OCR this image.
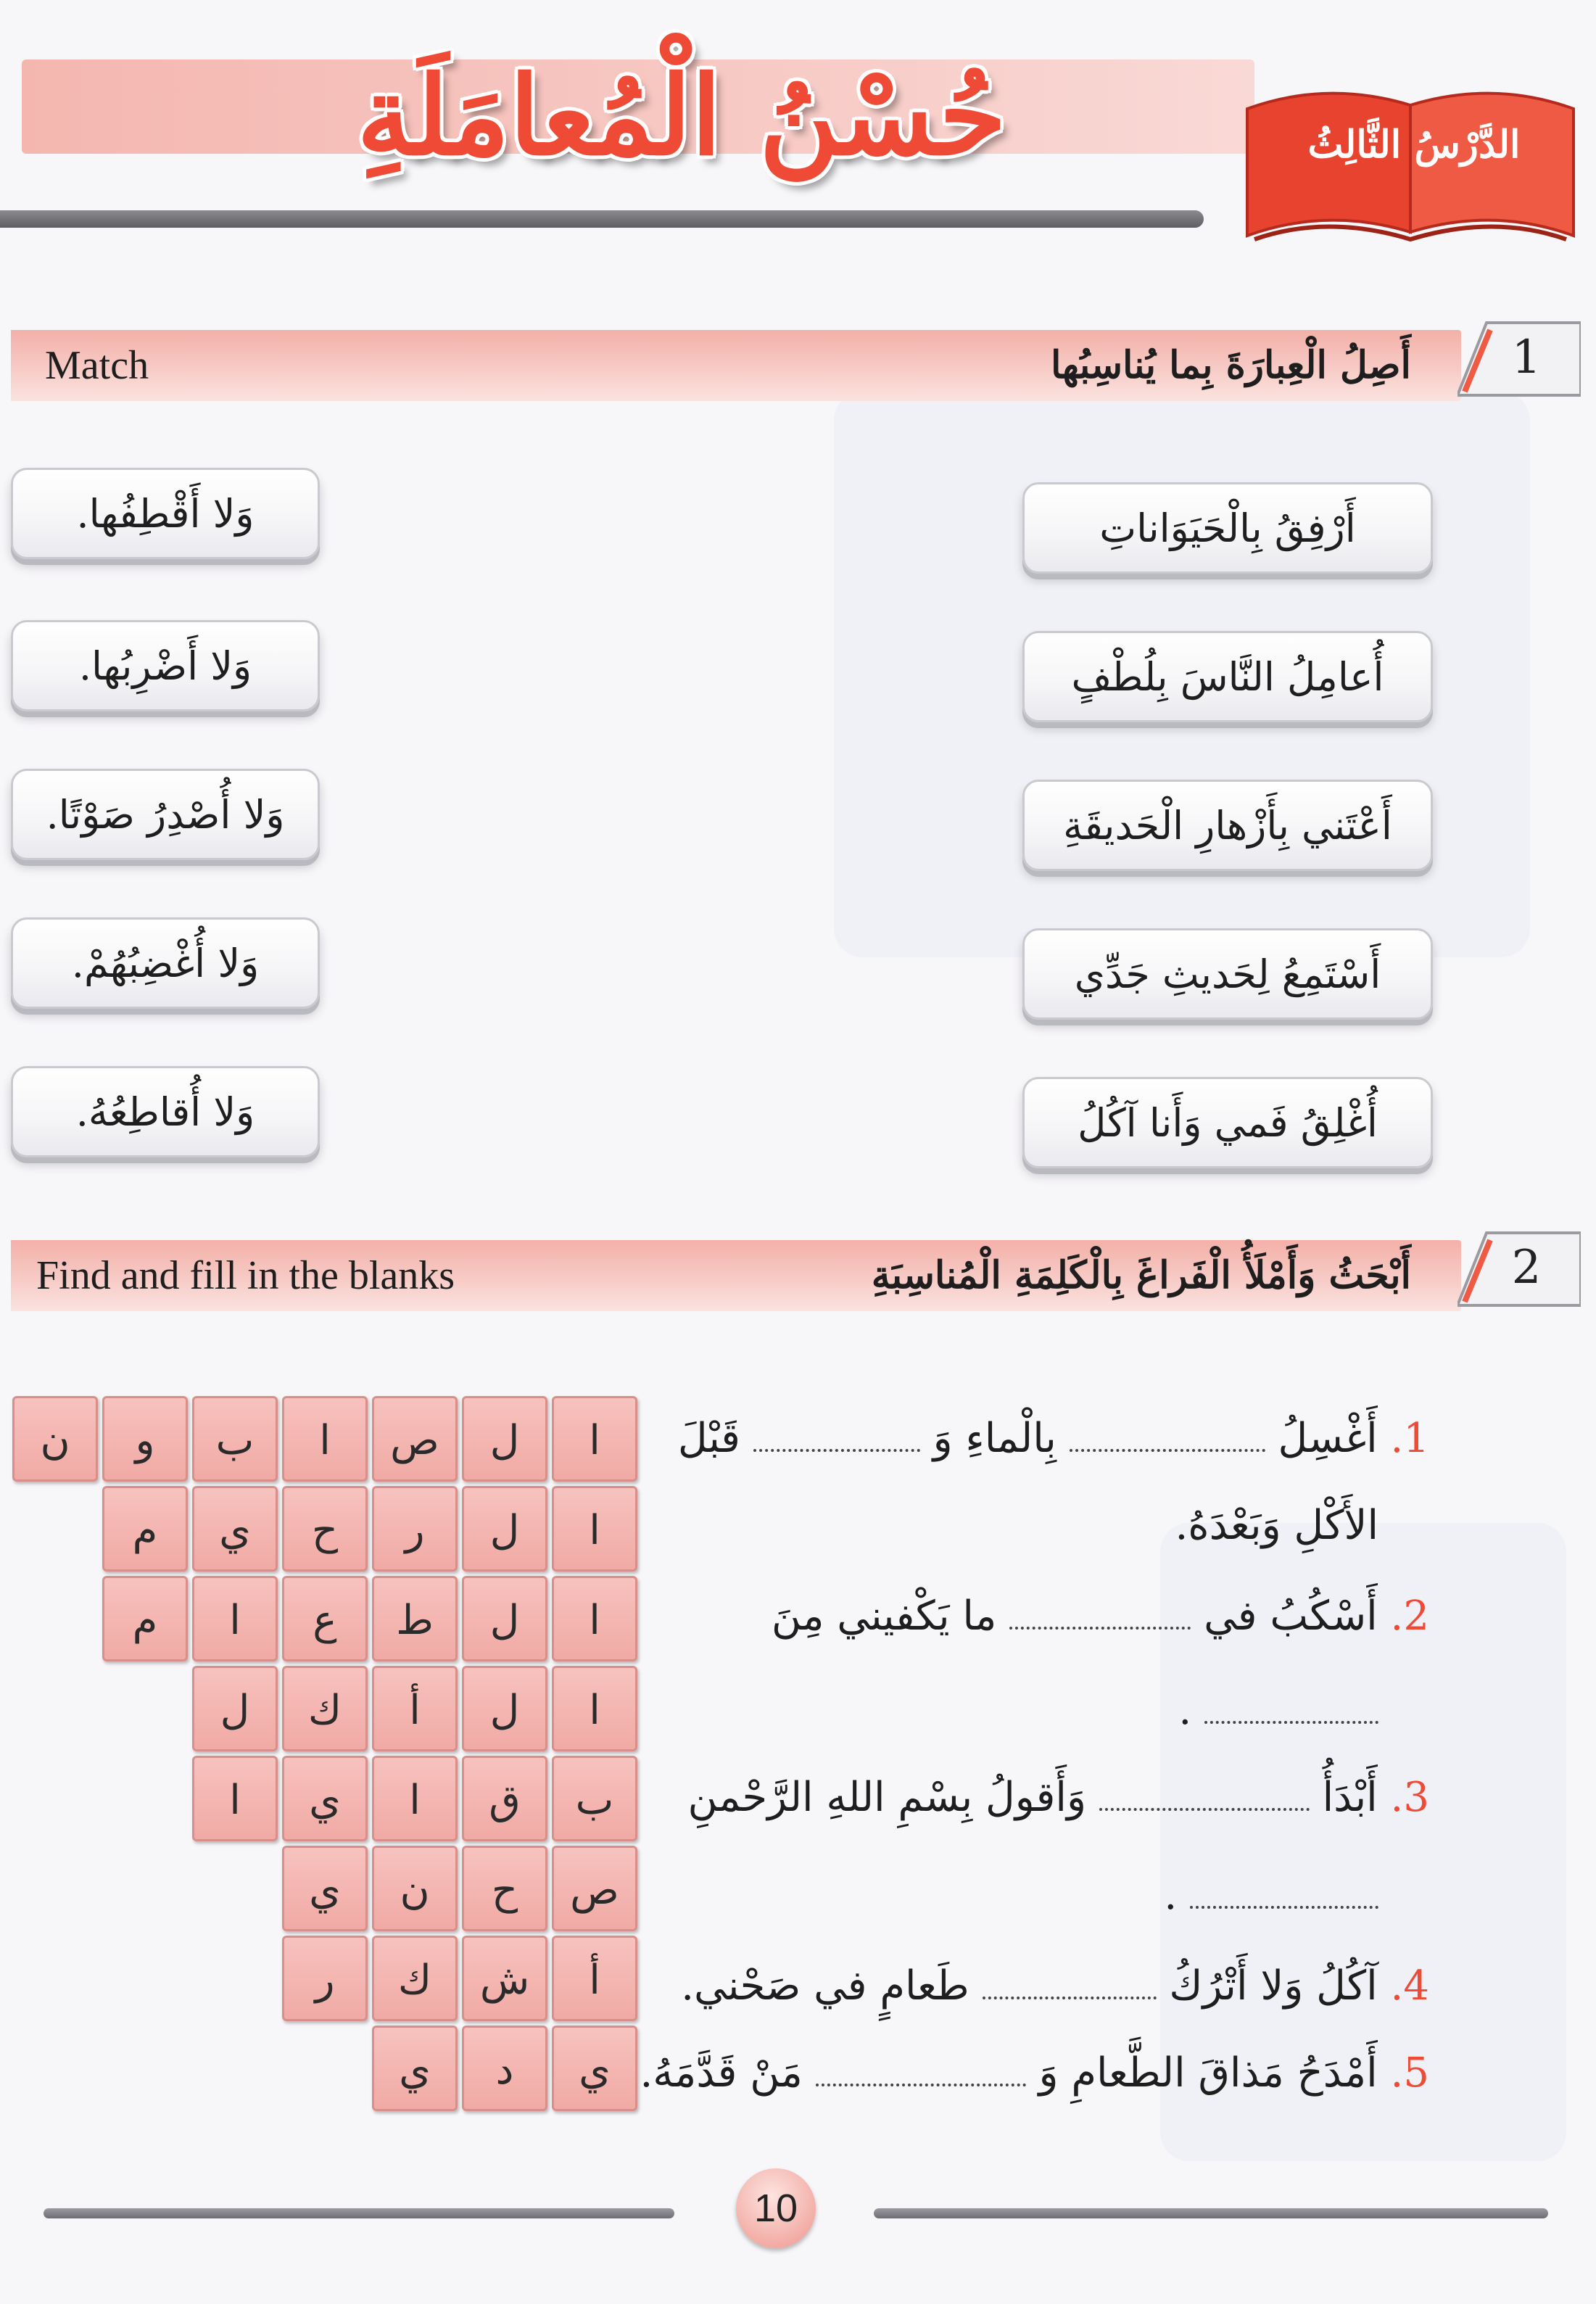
الدَّرْسُ الثَّالِثُ
حُسْنُ الْمُعامَلَةِ
1
أَصِلُ الْعِبارَةَ بِما يُناسِبُها
Match
أَرْفِقُ بِالْحَيَوَاناتِ
أُعامِلُ النَّاسَ بِلُطْفٍ
أَعْتَني بِأَزْهارِ الْحَديقَةِ
أَسْتَمِعُ لِحَديثِ جَدِّي
أُغْلِقُ فَمي وَأَنا آكُلُ
وَلا أَقْطِفُها.
وَلا أَضْرِبُها.
وَلا أُصْدِرُ صَوْتًا.
وَلا أُغْضِبُهُمْ.
وَلا أُقاطِعُهُ.
2
أَبْحَثُ وَأَمْلَأُ الْفَراغَ بِالْكَلِمَةِ الْمُناسِبَةِ
Find and fill in the blanks
ا
ل
ص
ا
ب
و
ن
ا
ل
ر
ح
ي
م
ا
ل
ط
ع
ا
م
ا
ل
أ
ك
ل
ب
ق
ا
ي
ا
ص
ح
ن
ي
أ
ش
ك
ر
ي
د
ي
1. أَغْسِلُ  بِالْماءِ وَ  قَبْلَ
الأَكْلِ وَبَعْدَهُ.
2. أَسْكُبُ في  ما يَكْفيني مِنَ
.
3. أَبْدَأُ  وَأَقولُ بِسْمِ اللهِ الرَّحْمنِ
.
4. آكُلُ وَلا أَتْرُكُ  طَعامٍ في صَحْني.
5. أَمْدَحُ مَذاقَ الطَّعامِ وَ  مَنْ قَدَّمَهُ.
10
